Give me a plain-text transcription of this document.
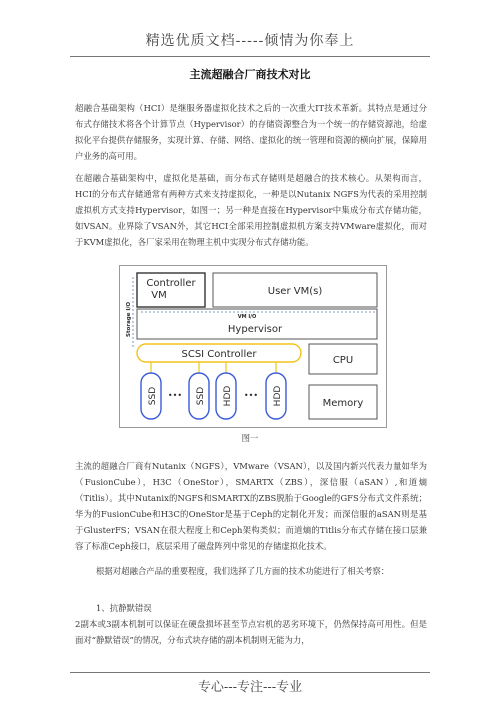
精选优质文档-----倾情为你奉上
主流超融合厂商技术对比

超融合基础架构（HCI）是继服务器虚拟化技术之后的一次重大IT技术革新。其特点是通过分布式存储技术将各个计算节点（Hypervisor）的存储资源整合为一个统一的存储资源池，给虚拟化平台提供存储服务，实现计算、存储、网络、虚拟化的统一管理和资源的横向扩展，保障用户业务的高可用。

在超融合基础架构中，虚拟化是基础，而分布式存储则是超融合的技术核心。从架构而言，HCI的分布式存储通常有两种方式来支持虚拟化，一种是以Nutanix NGFS为代表的采用控制虚拟机方式支持Hypervisor，如图一；另一种是直接在Hypervisor中集成分布式存储功能，如VSAN。业界除了VSAN外，其它HCI全部采用控制虚拟机方案支持VMware虚拟化，而对于KVM虚拟化，各厂家采用在物理主机中实现分布式存储功能。

Storage I/O
Controller
VM	User VM(s)
VM I/O
Hypervisor
SCSI Controller
SSD ••• SSD HDD ••• HDD
CPU
Memory
图一

主流的超融合厂商有Nutanix（NGFS），VMware（VSAN），以及国内新兴代表力量如华为（FusionCube），H3C（OneStor），SMARTX（ZBS），深信服（aSAN）,和道熵（Titlis）。其中Nutanix的NGFS和SMARTX的ZBS脱胎于Google的GFS分布式文件系统；华为的FusionCube和H3C的OneStor是基于Ceph的定制化开发；而深信服的aSAN则是基于GlusterFS；VSAN在很大程度上和Ceph架构类似；而道熵的Titlis分布式存储在接口层兼容了标准Ceph接口，底层采用了磁盘阵列中常见的存储虚拟化技术。

根据对超融合产品的重要程度，我们选择了几方面的技术功能进行了相关考察：

1、抗静默错误

2副本或3副本机制可以保证在硬盘损坏甚至节点宕机的恶劣环境下，仍然保持高可用性。但是面对“静默错误”的情况，分布式块存储的副本机制则无能为力，

专心---专注---专业
